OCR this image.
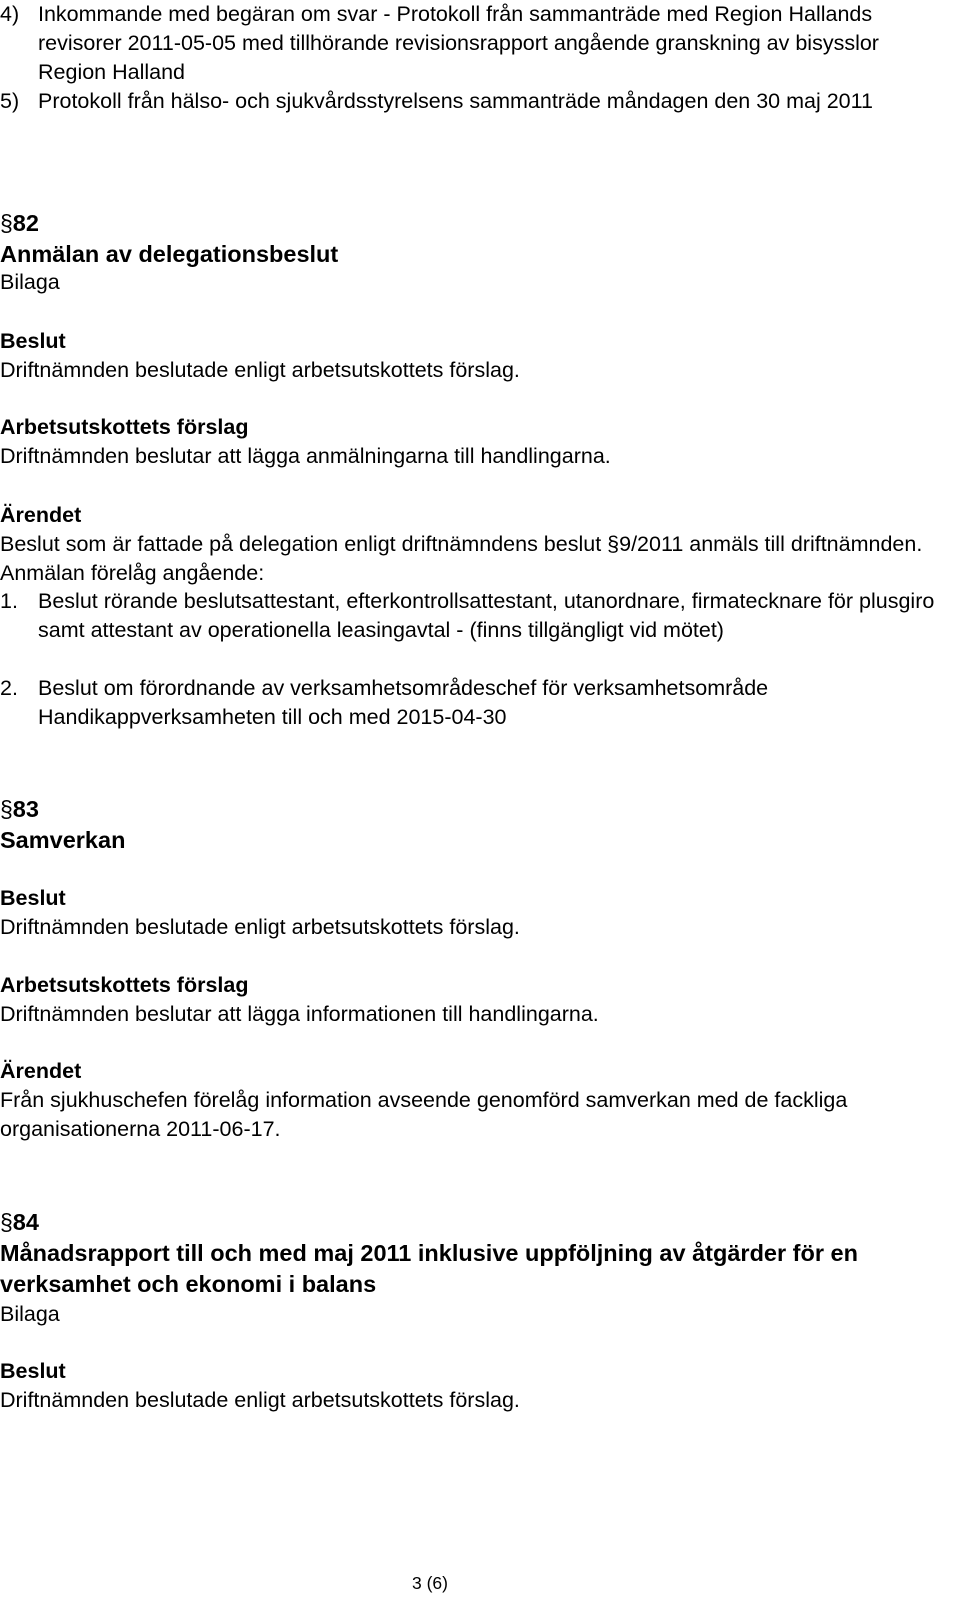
4) Inkommande med begäran om svar - Protokoll från sammanträde med Region Hallands revisorer 2011-05-05 med tillhörande revisionsrapport angående granskning av bisysslor Region Halland
5) Protokoll från hälso- och sjukvårdsstyrelsens sammanträde måndagen den 30 maj 2011
§82
Anmälan av delegationsbeslut
Bilaga
Beslut
Driftnämnden beslutade enligt arbetsutskottets förslag.
Arbetsutskottets förslag
Driftnämnden beslutar att lägga anmälningarna till handlingarna.
Ärendet
Beslut som är fattade på delegation enligt driftnämndens beslut §9/2011 anmäls till driftnämnden. Anmälan förelåg angående:
1. Beslut rörande beslutsattestant, efterkontrollsattestant, utanordnare, firmatecknare för plusgiro samt attestant av operationella leasingavtal - (finns tillgängligt vid mötet)
2. Beslut om förordnande av verksamhetsområdeschef för verksamhetsområde Handikappverksamheten till och med 2015-04-30
§83
Samverkan
Beslut
Driftnämnden beslutade enligt arbetsutskottets förslag.
Arbetsutskottets förslag
Driftnämnden beslutar att lägga informationen till handlingarna.
Ärendet
Från sjukhuschefen förelåg information avseende genomförd samverkan med de fackliga organisationerna 2011-06-17.
§84
Månadsrapport till och med maj 2011 inklusive uppföljning av åtgärder för en verksamhet och ekonomi i balans
Bilaga
Beslut
Driftnämnden beslutade enligt arbetsutskottets förslag.
3 (6)
